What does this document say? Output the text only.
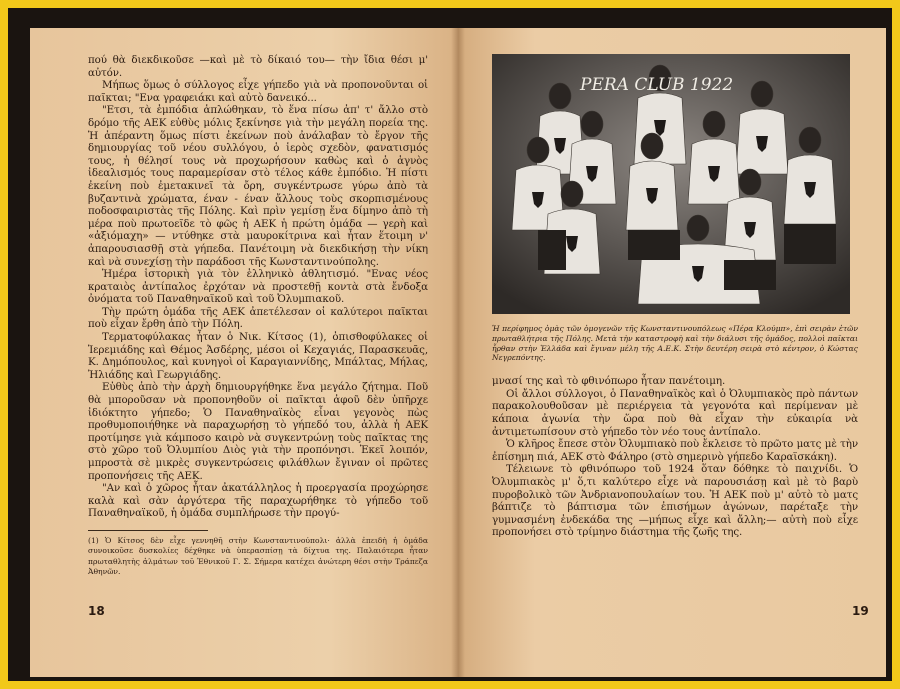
πού θὰ διεκδικοῦσε —καὶ μὲ τὸ δίκαιό του— τὴν ἴδια θέσι μ' αὐτόν.

Μήπως ὅμως ὁ σύλλογος εἶχε γήπεδο γιὰ νὰ προπονοῦνται οἱ παῖκται; "Ενα γραφειάκι καὶ αὐτὸ δανεικό...

"Ετσι, τὰ ἐμπόδια ἁπλώθηκαν, τὸ ἕνα πίσω ἀπ' τ' ἄλλο στὸ δρόμο τῆς ΑΕΚ εὐθὺς μόλις ξεκίνησε γιὰ τὴν μεγάλη πορεία της. Ἡ ἀπέραντη ὅμως πίστι ἐκείνων ποὺ ἀνάλαβαν τὸ ἔργον τῆς δημιουργίας τοῦ νέου συλλόγου, ὁ ἱερὸς σχεδὸν, φανατισμός τους, ἡ θέλησί τους νὰ προχωρήσουν καθὼς καὶ ὁ ἁγνὸς ἰδεαλισμός τους παραμερίσαν στὸ τέλος κάθε ἐμπόδιο. Ἡ πίστι ἐκείνη ποὺ ἐμετακινεῖ τὰ ὄρη, συγκέντρωσε γύρω ἀπὸ τὰ βυζαντινὰ χρώματα, έναν - έναν ἄλλους τοὺς σκορπισμένους ποδοσφαιριστὰς τῆς Πόλης. Καὶ πρὶν γεμίσῃ ἕνα δίμηνο ἀπὸ τὴ μέρα ποὺ πρωτοεῖδε τὸ φῶς ἡ ΑΕΚ ἡ πρώτη ὁμάδα — γερὴ καὶ «ἀξιόμαχη» — ντύθηκε στὰ μαυροκίτρινα καὶ ἦταν ἕτοιμη ν' ἀπαρουσιασθῇ στὰ γήπεδα. Πανέτοιμη νὰ διεκδικήσῃ τὴν νίκη καὶ νὰ συνεχίσῃ τὴν παράδοσι τῆς Κωνσταντινούπολης.

Ἡμέρα ἱστορικὴ γιὰ τὸν ἑλληνικὸ ἀθλητισμό. "Ενας νέος κραταιὸς ἀντίπαλος ἐρχόταν νὰ προστεθῇ κοντὰ στὰ ἔνδοξα ὀνόματα τοῦ Παναθηναϊκοῦ καὶ τοῦ Ὀλυμπιακοῦ.

Τὴν πρώτη ὁμάδα τῆς ΑΕΚ ἀπετέλεσαν οἱ καλύτεροι παῖκται ποὺ εἶχαν ἔρθη ἀπὸ τὴν Πόλη.

Τερματοφύλακας ἦταν ὁ Νικ. Κίτσος (1), ὀπισθοφύλακες οἱ Ἱερεμιάδης καὶ Θέμος Ἀσδέρης, μέσοι οἱ Κεχαγιάς, Παρασκευᾶς, Κ. Δημόπουλος, καὶ κυνηγοὶ οἱ Καραγιαννίδης, Μπάλτας, Μήλας, Ἠλιάδης καὶ Γεωργιάδης.

Εὐθὺς ἀπὸ τὴν ἀρχὴ δημιουργήθηκε ἕνα μεγάλο ζήτημα. Ποῦ θὰ μποροῦσαν νὰ προπονηθοῦν οἱ παῖκται ἀφοῦ δὲν ὑπῆρχε ἰδιόκτητο γήπεδο; Ὁ Παναθηναϊκὸς εἶναι γεγονὸς πὼς προθυμοποιήθηκε νὰ παραχωρήσῃ τὸ γήπεδό του, ἀλλὰ ἡ ΑΕΚ προτίμησε γιὰ κάμποσο καιρὸ νὰ συγκεντρώνῃ τοὺς παῖκτας της στὸ χῶρο τοῦ Ὀλυμπίου Διὸς γιὰ τὴν προπόνησι. Ἐκεῖ λοιπόν, μπροστὰ σὲ μικρὲς συγκεντρώσεις φιλάθλων ἔγιναν οἱ πρῶτες προπονήσεις τῆς ΑΕΚ.

"Αν καὶ ὁ χῶρος ἦταν ἀκατάλληλος ἡ προεργασία προχώρησε καλὰ καὶ σὰν ἀργότερα τῆς παραχωρήθηκε τὸ γήπεδο τοῦ Παναθηναϊκοῦ, ἡ ὁμάδα συμπλήρωσε τὴν προγύ-

(1) Ὁ Κίτσος δὲν εἶχε γεννηθῆ στὴν Κωνσταντινούπολι· ἀλλὰ ἐπειδὴ ἡ ὁμάδα συνοικοῦσε δυσκολίες δέχθηκε νὰ ὑπερασπίσῃ τὰ δίχτυα της. Παλαιότερα ἦταν πρωταθλητὴς ἀλμάτων τοῦ Ἐθνικοῦ Γ. Σ. Σήμερα κατέχει ἀνώτερη θέσι στὴν Τράπεζα Ἀθηνῶν.

18
PERA CLUB 1922

Ἡ περίφημος ὁμὰς τῶν ὁμογενῶν τῆς Κωνσταντινουπόλεως «Πέρα Κλούμπ», ἐπὶ σειρὰν ἐτῶν πρωταθλήτρια τῆς Πόλης. Μετὰ τὴν καταστροφὴ καὶ τὴν διάλυσι τῆς ὁμάδος, πολλοὶ παῖκται ἦρθαν στὴν Ἑλλάδα καὶ ἔγιναν μέλη τῆς Α.Ε.Κ. Στὴν δευτέρη σειρὰ στὸ κέντρον, ὁ Κώστας Νεγρεπόντης.

μνασί της καὶ τὸ φθινόπωρο ἦταν πανέτοιμη.

Οἱ ἄλλοι σύλλογοι, ὁ Παναθηναϊκὸς καὶ ὁ Ὀλυμπιακὸς πρὸ πάντων παρακολουθοῦσαν μὲ περιέργεια τὰ γεγονότα καὶ περίμεναν μὲ κάποια ἀγωνία τὴν ὥρα ποὺ θὰ εἶχαν τὴν εὐκαιρία νὰ ἀντιμετωπίσουν στὸ γήπεδο τὸν νέο τους ἀντίπαλο.

Ὁ κλῆρος ἔπεσε στὸν Ὀλυμπιακὸ ποὺ ἔκλεισε τὸ πρῶτο ματς μὲ τὴν ἐπίσημη πιά, ΑΕΚ στὸ Φάληρο (στὸ σημερινὸ γήπεδο Καραϊσκάκη).

Τέλειωνε τὸ φθινόπωρο τοῦ 1924 ὅταν δόθηκε τὸ παιχνίδι. Ὁ Ὀλυμπιακὸς μ' ὅ,τι καλύτερο εἶχε νὰ παρουσιάσῃ καὶ μὲ τὸ βαρὺ πυροβολικὸ τῶν Ἀνδριανοπουλαίων του. Ἡ ΑΕΚ ποὺ μ' αὐτὸ τὸ ματς βάπτιζε τὸ βάπτισμα τῶν ἐπισήμων ἀγώνων, παρέταξε τὴν γυμνασμένη ἐνδεκάδα της —μήπως εἶχε καὶ ἄλλη;— αὐτὴ ποὺ εἶχε προπονήσει στὸ τρίμηνο διάστημα τῆς ζωῆς της.

19
